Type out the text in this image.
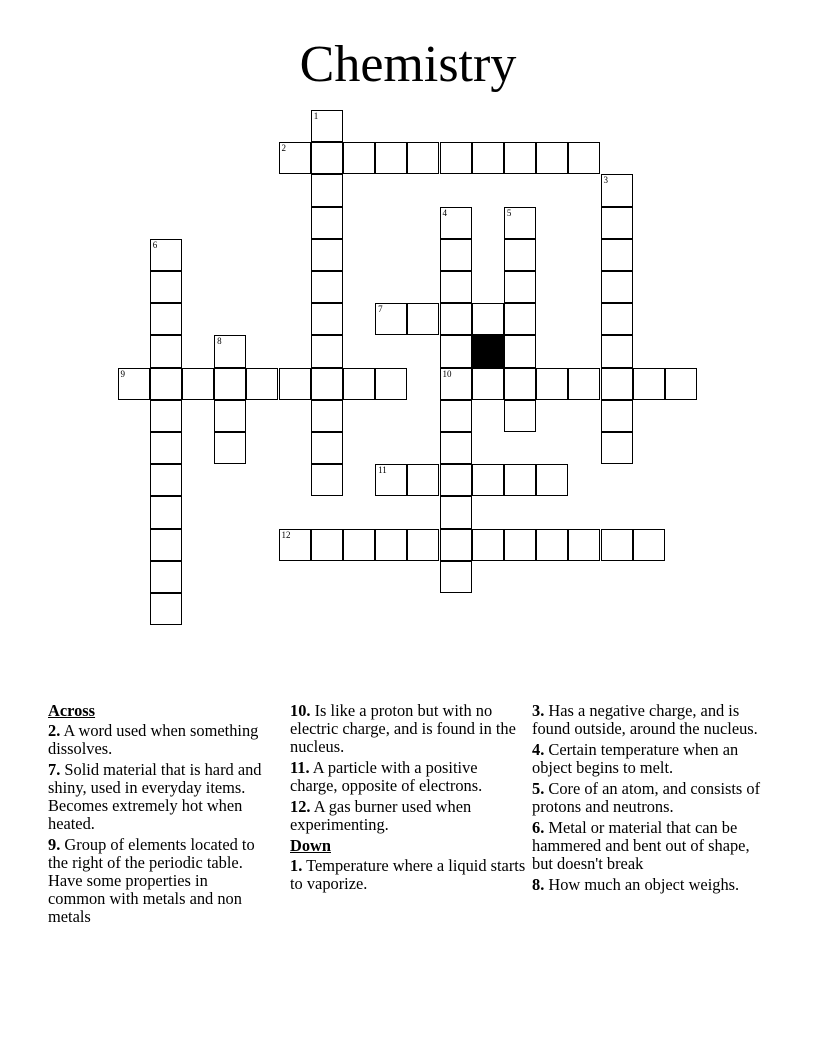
Chemistry
1
2
3
4	5
6
7
8
9	10
11
12
Across

2. A word used when something dissolves.

7. Solid material that is hard and shiny, used in everyday items. Becomes extremely hot when heated.

9. Group of elements located to the right of the periodic table. Have some properties in common with metals and non metals

10. Is like a proton but with no electric charge, and is found in the nucleus.

11. A particle with a positive charge, opposite of electrons.

12. A gas burner used when experimenting.

Down

1. Temperature where a liquid starts to vaporize.

3. Has a negative charge, and is found outside, around the nucleus.

4. Certain temperature when an object begins to melt.

5. Core of an atom, and consists of protons and neutrons.

6. Metal or material that can be hammered and bent out of shape, but doesn't break

8. How much an object weighs.
